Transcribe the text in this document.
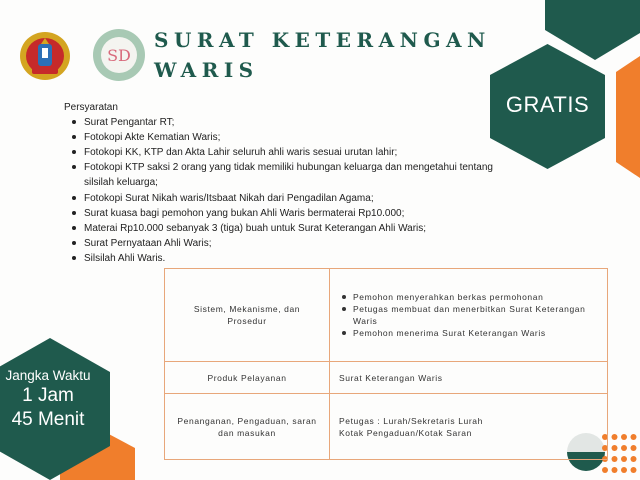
SD
SURAT KETERANGAN
WARIS
GRATIS
Jangka Waktu
1 Jam
45 Menit
Persyaratan
Surat Pengantar RT;
Fotokopi Akte Kematian Waris;
Fotokopi KK, KTP dan Akta Lahir seluruh ahli waris sesuai urutan lahir;
Fotokopi KTP saksi 2 orang yang tidak memiliki hubungan keluarga dan mengetahui tentang silsilah keluarga;
Fotokopi Surat Nikah waris/Itsbaat Nikah dari Pengadilan Agama;
Surat kuasa bagi pemohon yang bukan Ahli Waris bermaterai Rp10.000;
Materai Rp10.000 sebanyak 3 (tiga) buah untuk Surat Keterangan Ahli Waris;
Surat Pernyataan Ahli Waris;
Silsilah Ahli Waris.
Sistem, Mekanisme, dan Prosedur
Pemohon menyerahkan berkas permohonan
Petugas membuat dan menerbitkan Surat Keterangan Waris
Pemohon menerima Surat Keterangan Waris
Produk Pelayanan	Surat Keterangan Waris
Penanganan, Pengaduan, saran dan masukan
Petugas : Lurah/Sekretaris Lurah
Kotak Pengaduan/Kotak Saran
